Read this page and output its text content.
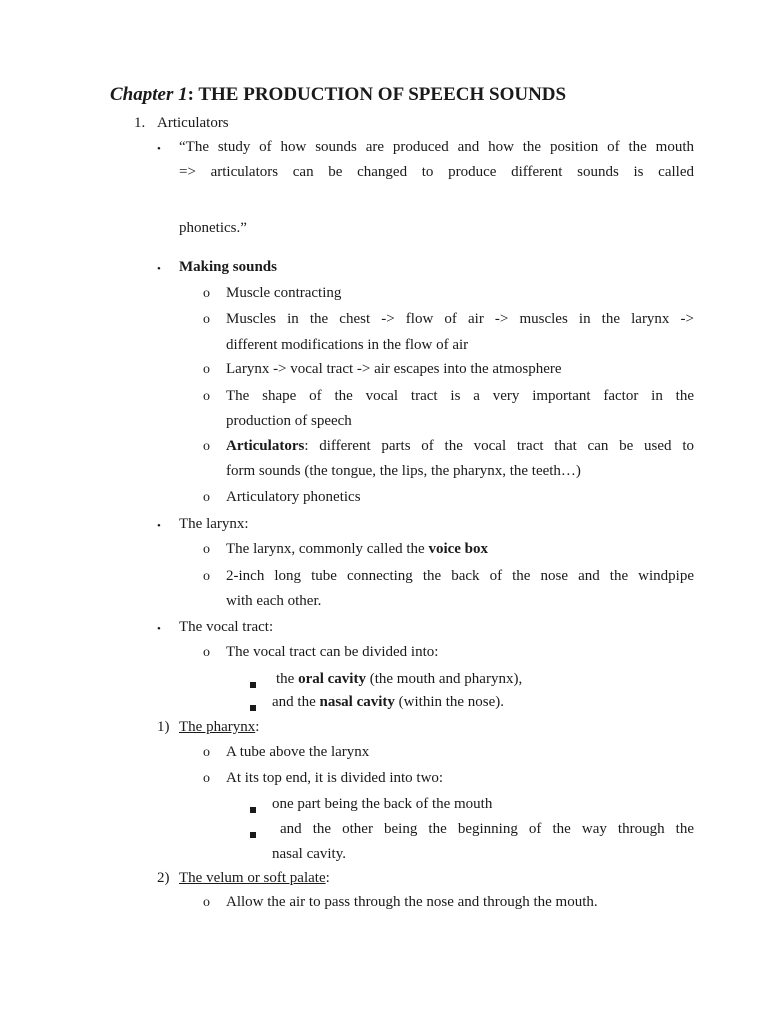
Chapter 1: THE PRODUCTION OF SPEECH SOUNDS
1. Articulators
• “The study of how sounds are produced and how the position of the mouth
=> articulators can be changed to produce different sounds is called
phonetics.”
• Making sounds
o Muscle contracting
o Muscles in the chest -> flow of air -> muscles in the larynx ->
different modifications in the flow of air
o Larynx -> vocal tract -> air escapes into the atmosphere
o The shape of the vocal tract is a very important factor in the
production of speech
o Articulators: different parts of the vocal tract that can be used to
form sounds (the tongue, the lips, the pharynx, the teeth…)
o Articulatory phonetics
• The larynx:
o The larynx, commonly called the voice box
o 2-inch long tube connecting the back of the nose and the windpipe
with each other.
• The vocal tract:
o The vocal tract can be divided into:
the oral cavity (the mouth and pharynx),
and the nasal cavity (within the nose).
1) The pharynx:
o A tube above the larynx
o At its top end, it is divided into two:
one part being the back of the mouth
and the other being the beginning of the way through the
nasal cavity.
2) The velum or soft palate:
o Allow the air to pass through the nose and through the mouth.
